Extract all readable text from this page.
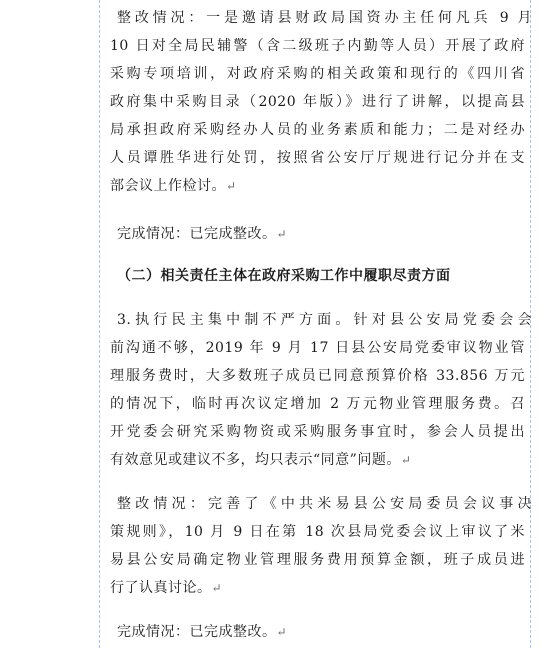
整改情况：一是邀请县财政局国资办主任何凡兵 9 月
10 日对全局民辅警（含二级班子内勤等人员）开展了政府
采购专项培训，对政府采购的相关政策和现行的《四川省
政府集中采购目录（2020 年版）》进行了讲解，以提高县
局承担政府采购经办人员的业务素质和能力；二是对经办
人员谭胜华进行处罚，按照省公安厅厅规进行记分并在支
部会议上作检讨。↵
完成情况：已完成整改。↵
（二）相关责任主体在政府采购工作中履职尽责方面
3.执行民主集中制不严方面。针对县公安局党委会会
前沟通不够，2019 年 9 月 17 日县公安局党委审议物业管
理服务费时，大多数班子成员已同意预算价格 33.856 万元
的情况下，临时再次议定增加 2 万元物业管理服务费。召
开党委会研究采购物资或采购服务事宜时，参会人员提出
有效意见或建议不多，均只表示“同意”问题。↵
整改情况：完善了《中共米易县公安局委员会议事决
策规则》，10 月 9 日在第 18 次县局党委会议上审议了米
易县公安局确定物业管理服务费用预算金额，班子成员进
行了认真讨论。↵
完成情况：已完成整改。↵
